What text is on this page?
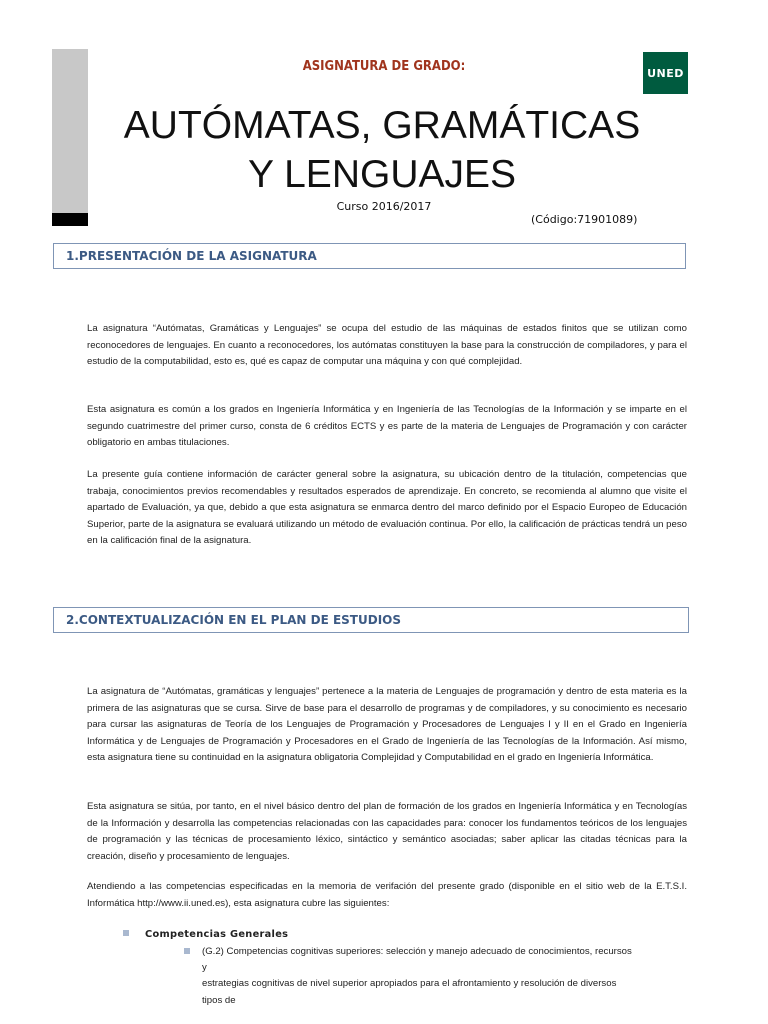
UNED
ASIGNATURA DE GRADO:
AUTÓMATAS, GRAMÁTICAS
Y LENGUAJES
Curso 2016/2017
(Código:71901089)
1.PRESENTACIÓN DE LA ASIGNATURA

La asignatura “Autómatas, Gramáticas y Lenguajes” se ocupa del estudio de las máquinas de estados finitos que se utilizan como reconocedores de lenguajes. En cuanto a reconocedores, los autómatas constituyen la base para la construcción de compiladores, y para el estudio de la computabilidad, esto es, qué es capaz de computar una máquina y con qué complejidad.

Esta asignatura es común a los grados en Ingeniería Informática y en Ingeniería de las Tecnologías de la Información y se imparte en el segundo cuatrimestre del primer curso, consta de 6 créditos ECTS y es parte de la materia de Lenguajes de Programación y con carácter obligatorio en ambas titulaciones.

La presente guía contiene información de carácter general sobre la asignatura, su ubicación dentro de la titulación, competencias que trabaja, conocimientos previos recomendables y resultados esperados de aprendizaje. En concreto, se recomienda al alumno que visite el apartado de Evaluación, ya que, debido a que esta asignatura se enmarca dentro del marco definido por el Espacio Europeo de Educación Superior, parte de la asignatura se evaluará utilizando un método de evaluación continua. Por ello, la calificación de prácticas tendrá un peso en la calificación final de la asignatura.

2.CONTEXTUALIZACIÓN EN EL PLAN DE ESTUDIOS

La asignatura de “Autómatas, gramáticas y lenguajes” pertenece a la materia de Lenguajes de programación y dentro de esta materia es la primera de las asignaturas que se cursa. Sirve de base para el desarrollo de programas y de compiladores, y su conocimiento es necesario para cursar las asignaturas de Teoría de los Lenguajes de Programación y Procesadores de Lenguajes I y II en el Grado en Ingeniería Informática y de Lenguajes de Programación y Procesadores en el Grado de Ingeniería de las Tecnologías de la Información. Así mismo, esta asignatura tiene su continuidad en la asignatura obligatoria Complejidad y Computabilidad en el grado en Ingeniería Informática.

Esta asignatura se sitúa, por tanto, en el nivel básico dentro del plan de formación de los grados en Ingeniería Informática y en Tecnologías de la Información y desarrolla las competencias relacionadas con las capacidades para: conocer los fundamentos teóricos de los lenguajes de programación y las técnicas de procesamiento léxico, sintáctico y semántico asociadas; saber aplicar las citadas técnicas para la creación, diseño y procesamiento de lenguajes.

Atendiendo a las competencias especificadas en la memoria de verifación del presente grado (disponible en el sitio web de la E.T.S.I. Informática http://www.ii.uned.es), esta asignatura cubre las siguientes:

Competencias Generales
(G.2) Competencias cognitivas superiores: selección y manejo adecuado de conocimientos, recursos
y
estrategias cognitivas de nivel superior apropiados para el afrontamiento y resolución de diversos
tipos de
